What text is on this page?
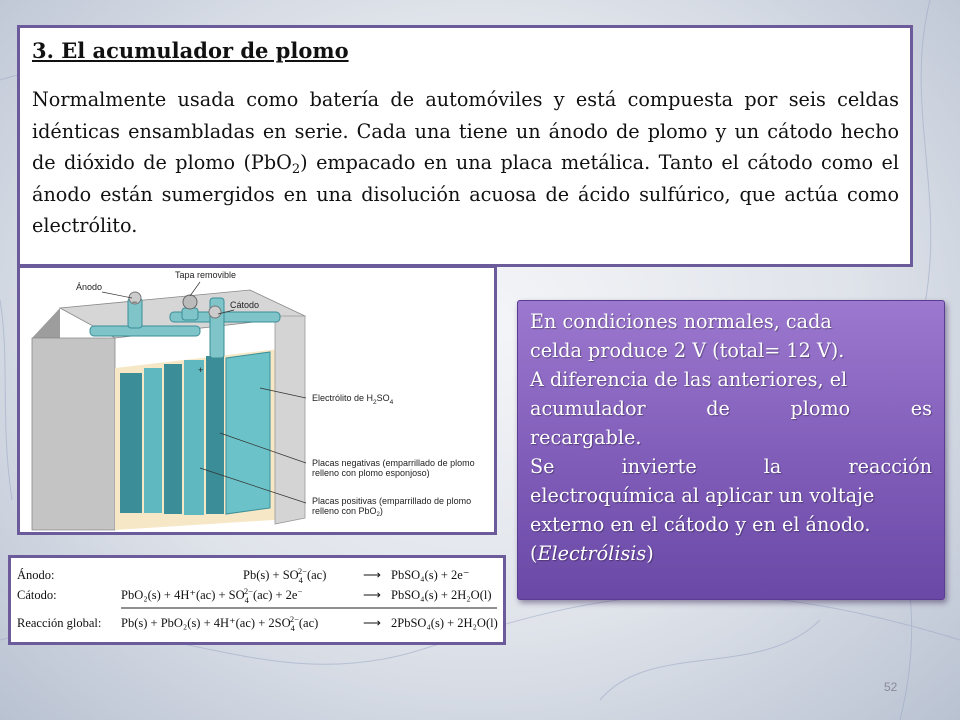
3. El acumulador de plomo
Normalmente usada como batería de automóviles y está compuesta por seis celdas idénticas ensambladas en serie. Cada una tiene un ánodo de plomo y un cátodo hecho de dióxido de plomo (PbO$_2$) empacado en una placa metálica. Tanto el cátodo como el ánodo están sumergidos en una disolución acuosa de ácido sulfúrico, que actúa como electrólito.
−
+
Ánodo
Tapa removible
Cátodo
Electrólito de $H_2SO_4$
Placas negativas (emparrillado de plomo
relleno con plomo esponjoso)
Placas positivas (emparrillado de plomo
relleno con PbO$_2$)
Ánodo:	$Pb(s) + SO_42-(ac)$	⟶ PbSO₄(s) + 2e⁻
Cátodo:	$PbO_2(s) + 4H^+(ac) + SO_42-(ac) + 2e^-$	⟶ PbSO₄(s) + 2H₂O(l)
Reacción global: $Pb(s) + PbO_2(s) + 4H^+(ac) + 2SO_42-(ac)$	⟶ 2PbSO₄(s) + 2H₂O(l)
En condiciones normales, cada
celda produce 2 V (total= 12 V).
A diferencia de las anteriores, el
acumulador de plomo es
recargable.
Se invierte la reacción
electroquímica al aplicar un voltaje
externo en el cátodo y en el ánodo.
(Electrólisis)
52
